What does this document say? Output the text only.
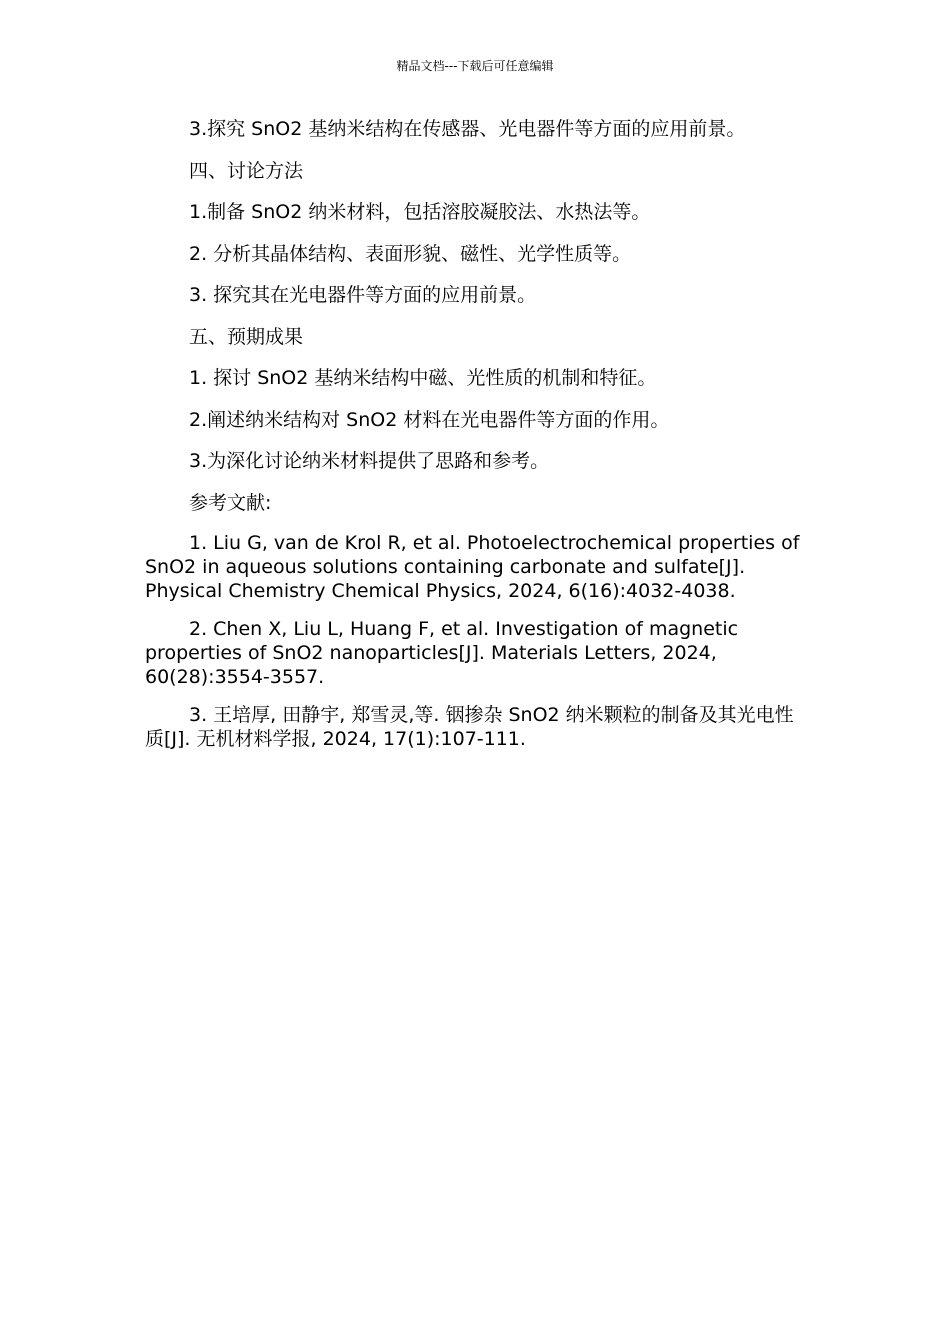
精品文档---下载后可任意编辑

3.探究 SnO2 基纳米结构在传感器、光电器件等方面的应用前景。

四、讨论方法

1.制备 SnO2 纳米材料，包括溶胶凝胶法、水热法等。

2. 分析其晶体结构、表面形貌、磁性、光学性质等。

3. 探究其在光电器件等方面的应用前景。

五、预期成果

1. 探讨 SnO2 基纳米结构中磁、光性质的机制和特征。

2.阐述纳米结构对 SnO2 材料在光电器件等方面的作用。

3.为深化讨论纳米材料提供了思路和参考。

参考文献:

1. Liu G, van de Krol R, et al. Photoelectrochemical properties of SnO2 in aqueous solutions containing carbonate and sulfate[J]. Physical Chemistry Chemical Physics, 2024, 6(16):4032-4038.

2. Chen X, Liu L, Huang F, et al. Investigation of magnetic properties of SnO2 nanoparticles[J]. Materials Letters, 2024, 60(28):3554-3557.

3. 王培厚, 田静宇, 郑雪灵,等. 铟掺杂 SnO2 纳米颗粒的制备及其光电性质[J]. 无机材料学报, 2024, 17(1):107-111.
